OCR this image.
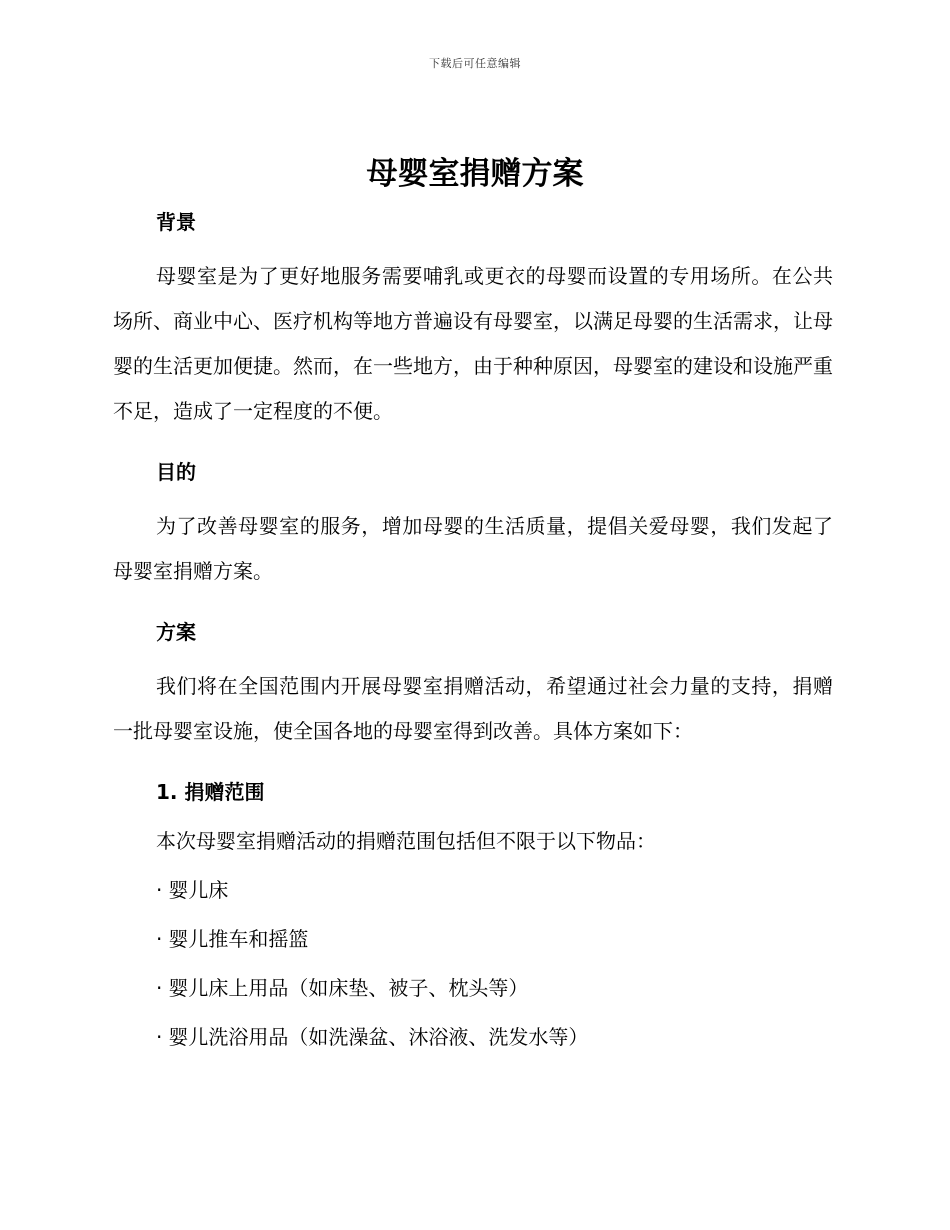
下载后可任意编辑
母婴室捐赠方案
背景

母婴室是为了更好地服务需要哺乳或更衣的母婴而设置的专用场所。在公共场所、商业中心、医疗机构等地方普遍设有母婴室，以满足母婴的生活需求，让母婴的生活更加便捷。然而，在一些地方，由于种种原因，母婴室的建设和设施严重不足，造成了一定程度的不便。

目的

为了改善母婴室的服务，增加母婴的生活质量，提倡关爱母婴，我们发起了母婴室捐赠方案。

方案

我们将在全国范围内开展母婴室捐赠活动，希望通过社会力量的支持，捐赠一批母婴室设施，使全国各地的母婴室得到改善。具体方案如下：

1. 捐赠范围

本次母婴室捐赠活动的捐赠范围包括但不限于以下物品：

· 婴儿床
· 婴儿推车和摇篮
· 婴儿床上用品（如床垫、被子、枕头等）
· 婴儿洗浴用品（如洗澡盆、沐浴液、洗发水等）
